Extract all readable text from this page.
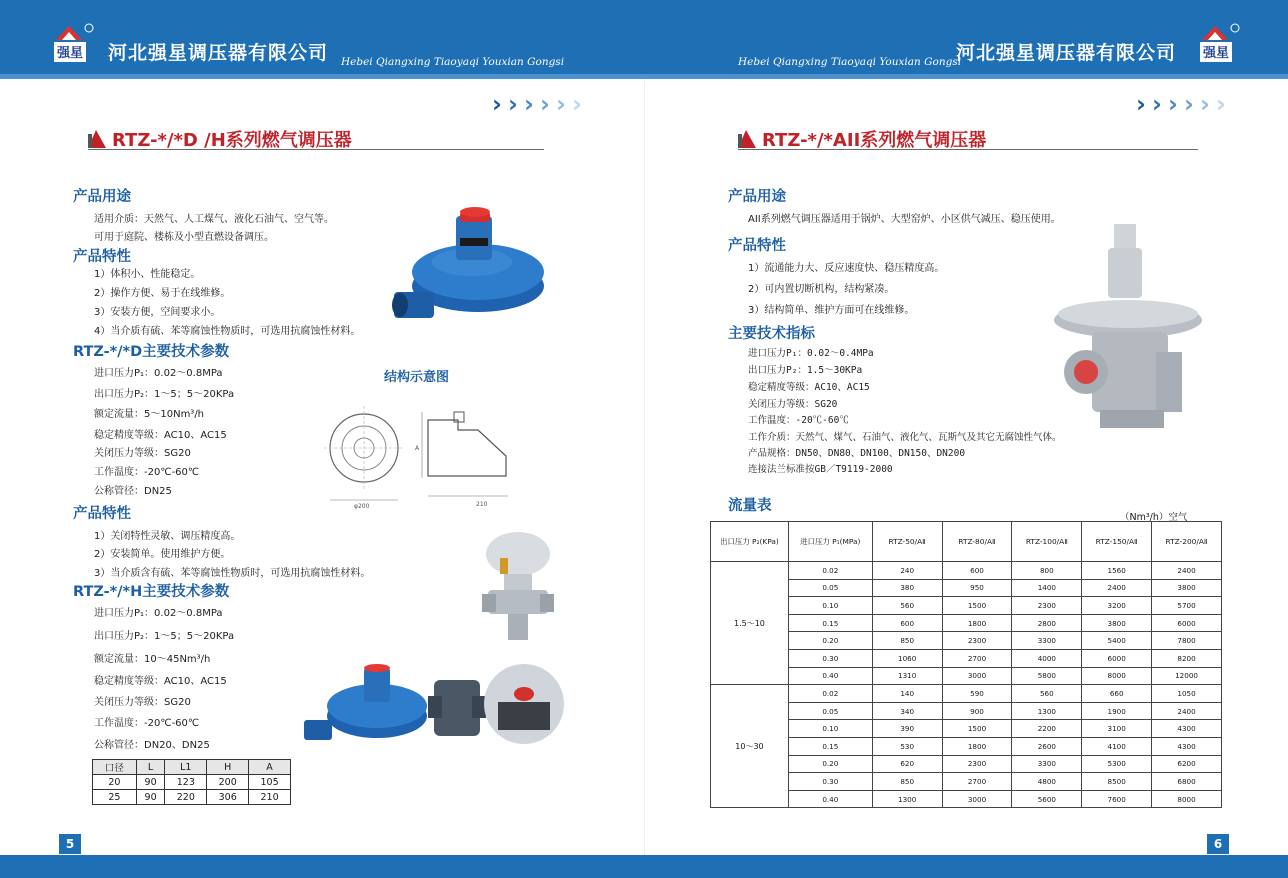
强星 河北强星调压器有限公司 Hebei Qiangxing Tiaoyaqi Youxian Gongsi	Hebei Qiangxing Tiaoyaqi Youxian Gongsi
河北强星调压器有限公司 强星
› › › › › ›	› › › › › ›
RTZ-*/*D /H系列燃气调压器
产品用途
适用介质：天然气、人工煤气、液化石油气、空气等。
可用于庭院、楼栋及小型直燃设备调压。
产品特性
1）体积小、性能稳定。
2）操作方便、易于在线维修。
3）安装方便，空间要求小。
4）当介质有硫、苯等腐蚀性物质时，可选用抗腐蚀性材料。
RTZ-*/*D主要技术参数
进口压力P₁：0.02～0.8MPa
出口压力P₂：1～5；5～20KPa
额定流量：5～10Nm³/h
稳定精度等级：AC10、AC15
关闭压力等级：SG20
工作温度：-20℃-60℃
公称管径：DN25
结构示意图
产品特性
1）关闭特性灵敏、调压精度高。
2）安装简单。使用维护方便。
3）当介质含有硫、苯等腐蚀性物质时，可选用抗腐蚀性材料。
RTZ-*/*H主要技术参数
进口压力P₁：0.02～0.8MPa
出口压力P₂：1～5；5～20KPa
额定流量：10～45Nm³/h
稳定精度等级：AC10、AC15
关闭压力等级：SG20
工作温度：-20℃-60℃
公称管径：DN20、DN25
口径	L	L1	H	A
20	90	123	200	105
25	90	220	306	210
φ200
A
210
RTZ-*/*AII系列燃气调压器
产品用途
AII系列燃气调压器适用于锅炉、大型窑炉、小区供气减压、稳压使用。
产品特性
1）流通能力大、反应速度快、稳压精度高。
2）可内置切断机构，结构紧凑。
3）结构简单、维护方面可在线维修。
主要技术指标
进口压力P₁：0.02～0.4MPa
出口压力P₂：1.5～30KPa
稳定精度等级：AC10、AC15
关闭压力等级：SG20
工作温度：-20℃-60℃
工作介质：天然气、煤气、石油气、液化气、瓦斯气及其它无腐蚀性气体。
产品规格：DN50、DN80、DN100、DN150、DN200
连接法兰标准按GB／T9119-2000
流量表
（Nm³/h）空气
出口压力 P₂(KPa)	进口压力 P₁(MPa)	RTZ-50/AⅡ	RTZ-80/AⅡ	RTZ-100/AⅡ	RTZ-150/AⅡ	RTZ-200/AⅡ
1.5～10	0.02	240	600	800	1560	2400
	0.05	380	950	1400	2400	3800
	0.10	560	1500	2300	3200	5700
	0.15	600	1800	2800	3800	6000
	0.20	850	2300	3300	5400	7800
	0.30	1060	2700	4000	6000	8200
	0.40	1310	3000	5800	8000	12000
10～30	0.02	140	590	560	660	1050
	0.05	340	900	1300	1900	2400
	0.10	390	1500	2200	3100	4300
	0.15	530	1800	2600	4100	4300
	0.20	620	2300	3300	5300	6200
	0.30	850	2700	4800	8500	6800
	0.40	1300	3000	5600	7600	8000
5	6
